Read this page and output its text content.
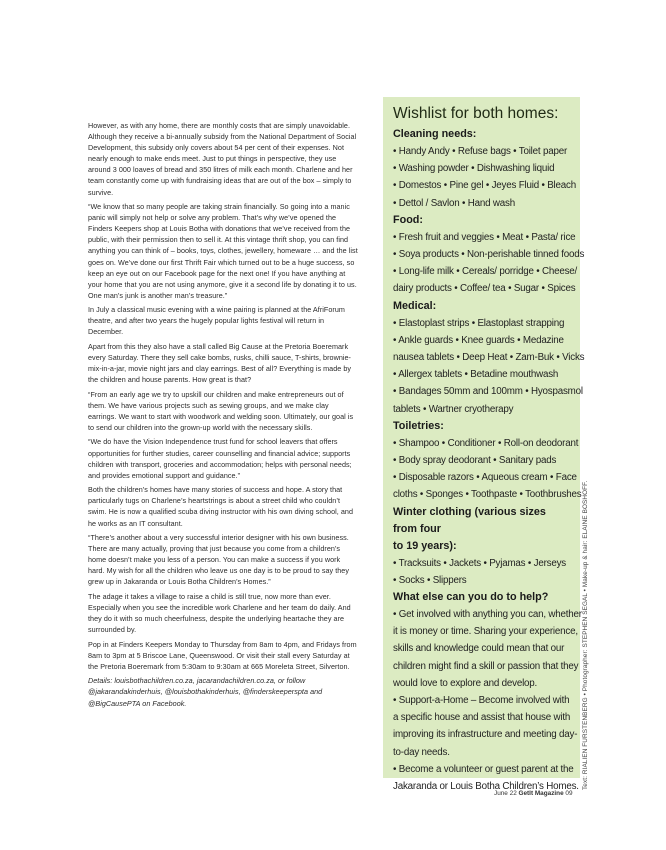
However, as with any home, there are monthly costs that are simply unavoidable. Although they receive a bi-annually subsidy from the National Department of Social Development, this subsidy only covers about 54 per cent of their expenses. Not nearly enough to make ends meet. Just to put things in perspective, they use around 3 000 loaves of bread and 350 litres of milk each month. Charlene and her team constantly come up with fundraising ideas that are out of the box – simply to survive.

“We know that so many people are taking strain financially. So going into a manic panic will simply not help or solve any problem. That’s why we’ve opened the Finders Keepers shop at Louis Botha with donations that we’ve received from the public, with their permission then to sell it. At this vintage thrift shop, you can find anything you can think of – books, toys, clothes, jewellery, homeware … and the list goes on. We’ve done our first Thrift Fair which turned out to be a huge success, so keep an eye out on our Facebook page for the next one! If you have anything at your home that you are not using anymore, give it a second life by donating it to us. One man’s junk is another man’s treasure.”

In July a classical music evening with a wine pairing is planned at the AfriForum theatre, and after two years the hugely popular lights festival will return in December.

Apart from this they also have a stall called Big Cause at the Pretoria Boeremark every Saturday. There they sell cake bombs, rusks, chilli sauce, T-shirts, brownie-mix-in-a-jar, movie night jars and clay earrings. Best of all? Everything is made by the children and house parents. How great is that?

“From an early age we try to upskill our children and make entrepreneurs out of them. We have various projects such as sewing groups, and we make clay earrings. We want to start with woodwork and welding soon. Ultimately, our goal is to send our children into the grown-up world with the necessary skills.

“We do have the Vision Independence trust fund for school leavers that offers opportunities for further studies, career counselling and financial advice; supports children with transport, groceries and accommodation; helps with personal needs; and provides emotional support and guidance.”

Both the children’s homes have many stories of success and hope. A story that particularly tugs on Charlene’s heartstrings is about a street child who couldn’t swim. He is now a qualified scuba diving instructor with his own diving school, and he works as an IT consultant.

“There’s another about a very successful interior designer with his own business. There are many actually, proving that just because you come from a children’s home doesn’t make you less of a person. You can make a success if you work hard. My wish for all the children who leave us one day is to be proud to say they grew up in Jakaranda or Louis Botha Children’s Homes.”

The adage it takes a village to raise a child is still true, now more than ever. Especially when you see the incredible work Charlene and her team do daily. And they do it with so much cheerfulness, despite the underlying heartache they are surrounded by.

Pop in at Finders Keepers Monday to Thursday from 8am to 4pm, and Fridays from 8am to 3pm at 5 Briscoe Lane, Queenswood. Or visit their stall every Saturday at the Pretoria Boeremark from 5:30am to 9:30am at 665 Moreleta Street, Silverton.

Details: louisbothachildren.co.za, jacarandachildren.co.za, or follow @jakarandakinderhuis, @louisbothakinderhuis, @finderskeeperspta and @BigCausePTA on Facebook.

Wishlist for both homes:
Cleaning needs:
• Handy Andy • Refuse bags • Toilet paper
• Washing powder • Dishwashing liquid
• Domestos • Pine gel • Jeyes Fluid • Bleach
• Dettol / Savlon • Hand wash
Food:
• Fresh fruit and veggies • Meat • Pasta/ rice
• Soya products • Non-perishable tinned foods
• Long-life milk • Cereals/ porridge • Cheese/
dairy products • Coffee/ tea • Sugar • Spices
Medical:
• Elastoplast strips • Elastoplast strapping
• Ankle guards • Knee guards • Medazine
nausea tablets • Deep Heat • Zam-Buk • Vicks
• Allergex tablets • Betadine mouthwash
• Bandages 50mm and 100mm • Hyospasmol
tablets • Wartner cryotherapy
Toiletries:
• Shampoo • Conditioner • Roll-on deodorant
• Body spray deodorant • Sanitary pads
• Disposable razors • Aqueous cream • Face
cloths • Sponges • Toothpaste • Toothbrushes
Winter clothing (various sizes from four
to 19 years):
• Tracksuits • Jackets • Pyjamas • Jerseys
• Socks • Slippers
What else can you do to help?
• Get involved with anything you can, whether
it is money or time. Sharing your experience,
skills and knowledge could mean that our
children might find a skill or passion that they
would love to explore and develop.
• Support-a-Home – Become involved with
a specific house and assist that house with
improving its infrastructure and meeting day-
to-day needs.
• Become a volunteer or guest parent at the
Jakaranda or Louis Botha Children’s Homes. Text: RIALIEN FURSTENBERG • Photographer: STEPHEN SEGAL • Make-up & hair: ELAINE BOSHOFF.
June 22 GetIt Magazine 09
